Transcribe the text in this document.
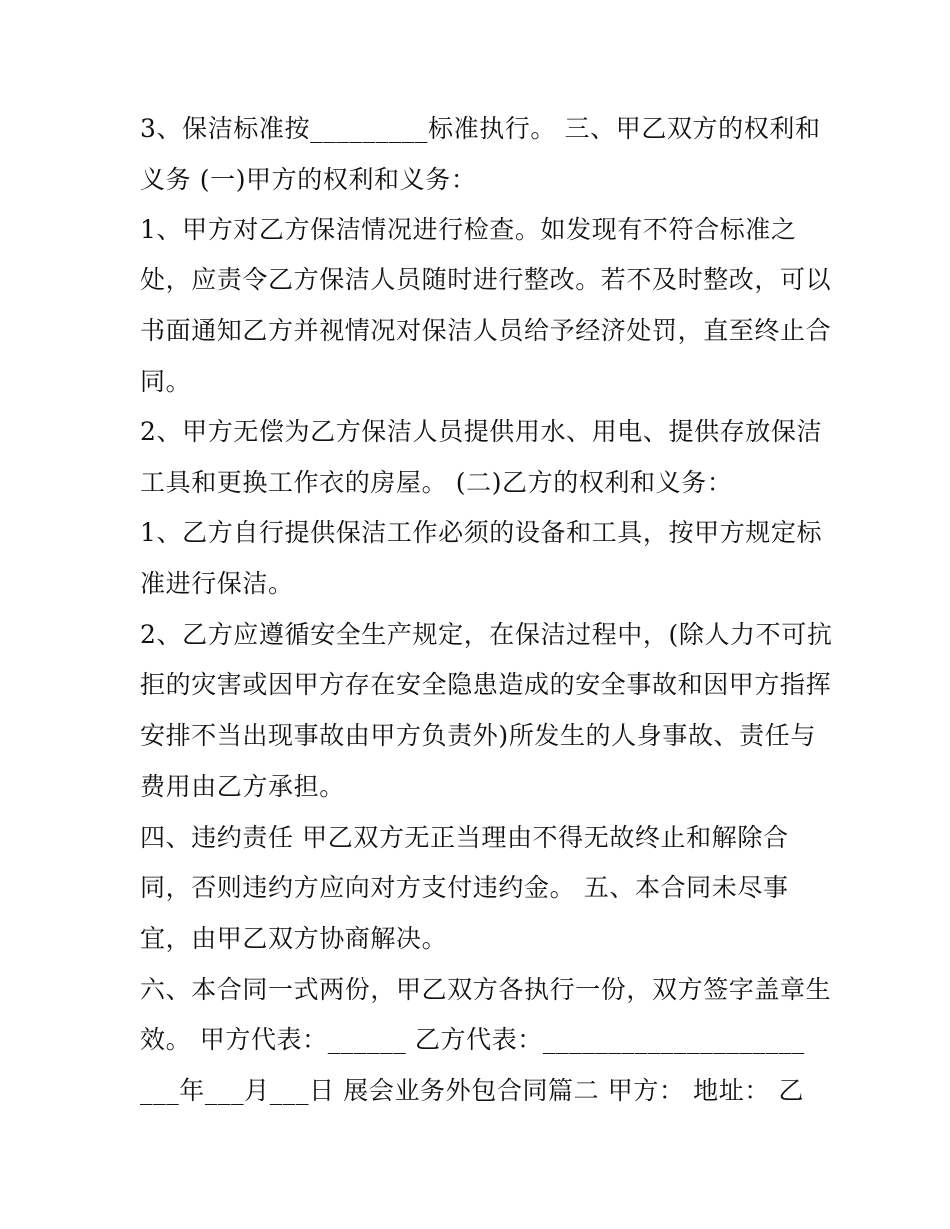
3、保洁标准按_________标准执行。 三、甲乙双方的权利和
义务 (一)甲方的权利和义务：
1、甲方对乙方保洁情况进行检查。如发现有不符合标准之
处，应责令乙方保洁人员随时进行整改。若不及时整改，可以
书面通知乙方并视情况对保洁人员给予经济处罚，直至终止合
同。
2、甲方无偿为乙方保洁人员提供用水、用电、提供存放保洁
工具和更换工作衣的房屋。 (二)乙方的权利和义务：
1、乙方自行提供保洁工作必须的设备和工具，按甲方规定标
准进行保洁。
2、乙方应遵循安全生产规定，在保洁过程中，(除人力不可抗
拒的灾害或因甲方存在安全隐患造成的安全事故和因甲方指挥
安排不当出现事故由甲方负责外)所发生的人身事故、责任与
费用由乙方承担。
四、违约责任 甲乙双方无正当理由不得无故终止和解除合
同，否则违约方应向对方支付违约金。 五、本合同未尽事
宜，由甲乙双方协商解决。
六、本合同一式两份，甲乙双方各执行一份，双方签字盖章生
效。 甲方代表：______ 乙方代表：____________________
___年___月___日 展会业务外包合同篇二 甲方： 地址： 乙
